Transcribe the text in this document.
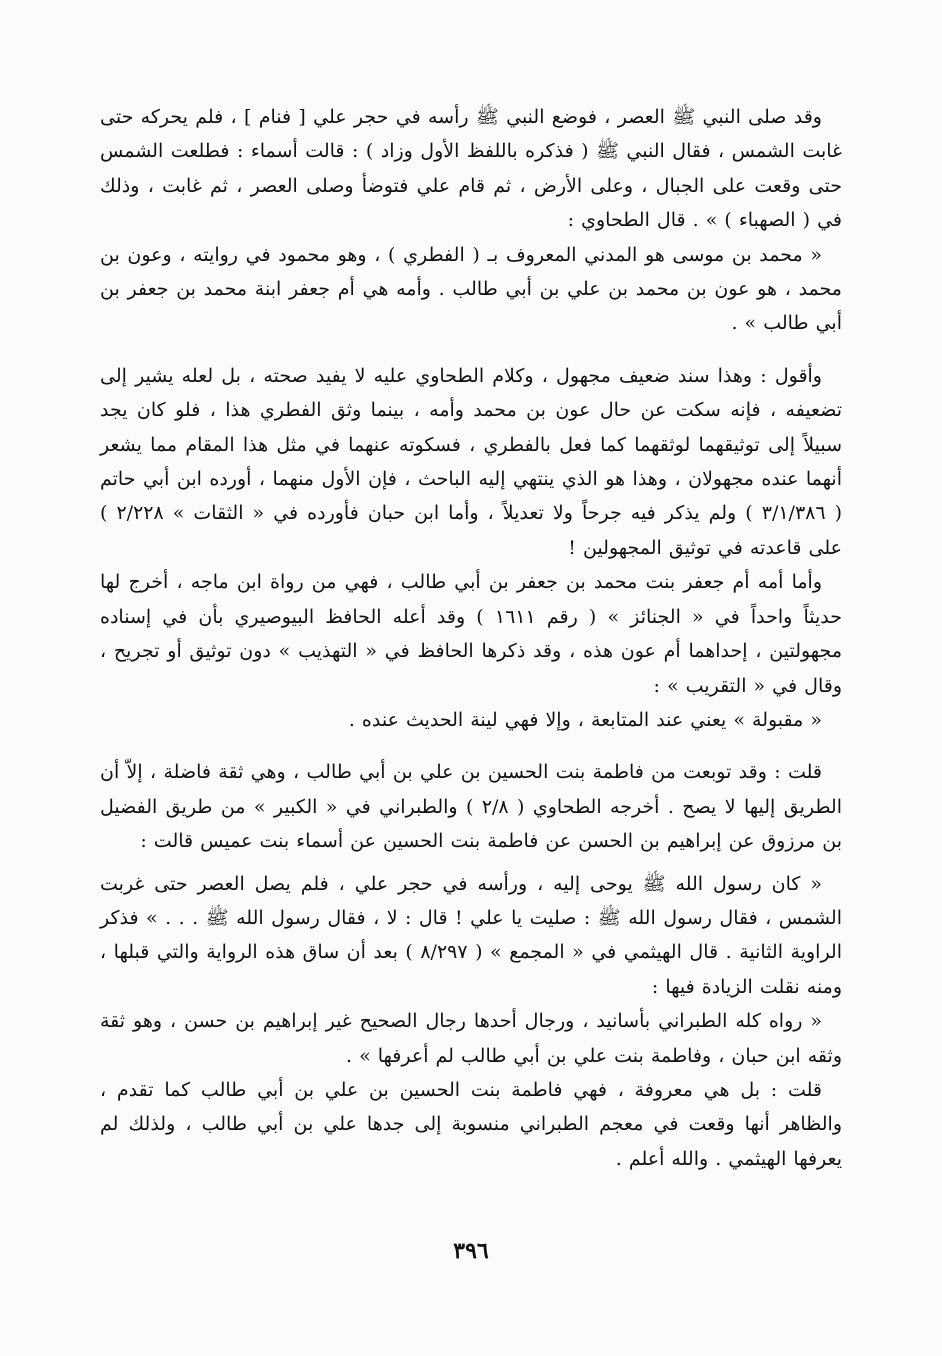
وقد صلى النبي ﷺ العصر ، فوضع النبي ﷺ رأسه في حجر علي [ فنام ] ، فلم يحركه حتى غابت الشمس ، فقال النبي ﷺ ( فذكره باللفظ الأول وزاد ) : قالت أسماء : فطلعت الشمس حتى وقعت على الجبال ، وعلى الأرض ، ثم قام علي فتوضأ وصلى العصر ، ثم غابت ، وذلك في ( الصهباء ) » . قال الطحاوي :

« محمد بن موسى هو المدني المعروف بـ ( الفطري ) ، وهو محمود في روايته ، وعون بن محمد ، هو عون بن محمد بن علي بن أبي طالب . وأمه هي أم جعفر ابنة محمد بن جعفر بن أبي طالب » .

وأقول : وهذا سند ضعيف مجهول ، وكلام الطحاوي عليه لا يفيد صحته ، بل لعله يشير إلى تضعيفه ، فإنه سكت عن حال عون بن محمد وأمه ، بينما وثق الفطري هذا ، فلو كان يجد سبيلاً إلى توثيقهما لوثقهما كما فعل بالفطري ، فسكوته عنهما في مثل هذا المقام مما يشعر أنهما عنده مجهولان ، وهذا هو الذي ينتهي إليه الباحث ، فإن الأول منهما ، أورده ابن أبي حاتم ( ٣/١/٣٨٦ ) ولم يذكر فيه جرحاً ولا تعديلاً ، وأما ابن حبان فأورده في « الثقات » ٢/٢٢٨ ) على قاعدته في توثيق المجهولين !

وأما أمه أم جعفر بنت محمد بن جعفر بن أبي طالب ، فهي من رواة ابن ماجه ، أخرج لها حديثاً واحداً في « الجنائز » ( رقم ١٦١١ ) وقد أعله الحافظ البيوصيري بأن في إسناده مجهولتين ، إحداهما أم عون هذه ، وقد ذكرها الحافظ في « التهذيب » دون توثيق أو تجريح ، وقال في « التقريب » :

« مقبولة » يعني عند المتابعة ، وإلا فهي لينة الحديث عنده .

قلت : وقد توبعت من فاطمة بنت الحسين بن علي بن أبي طالب ، وهي ثقة فاضلة ، إلاّ أن الطريق إليها لا يصح . أخرجه الطحاوي ( ٢/٨ ) والطبراني في « الكبير » من طريق الفضيل بن مرزوق عن إبراهيم بن الحسن عن فاطمة بنت الحسين عن أسماء بنت عميس قالت :

« كان رسول الله ﷺ يوحى إليه ، ورأسه في حجر علي ، فلم يصل العصر حتى غربت الشمس ، فقال رسول الله ﷺ : صليت يا علي ! قال : لا ، فقال رسول الله ﷺ . . . » فذكر الراوية الثانية . قال الهيثمي في « المجمع » ( ٨/٢٩٧ ) بعد أن ساق هذه الرواية والتي قبلها ، ومنه نقلت الزيادة فيها :

« رواه كله الطبراني بأسانيد ، ورجال أحدها رجال الصحيح غير إبراهيم بن حسن ، وهو ثقة وثقه ابن حبان ، وفاطمة بنت علي بن أبي طالب لم أعرفها » .

قلت : بل هي معروفة ، فهي فاطمة بنت الحسين بن علي بن أبي طالب كما تقدم ، والظاهر أنها وقعت في معجم الطبراني منسوبة إلى جدها علي بن أبي طالب ، ولذلك لم يعرفها الهيثمي . والله أعلم .

٣٩٦
